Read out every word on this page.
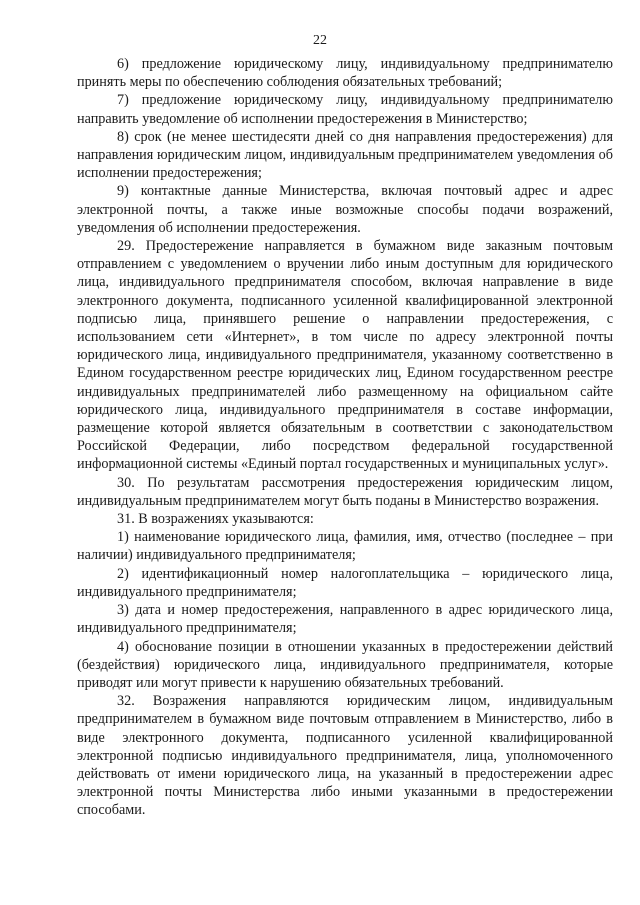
22

6) предложение юридическому лицу, индивидуальному предпринимателю принять меры по обеспечению соблюдения обязательных требований;

7) предложение юридическому лицу, индивидуальному предпринимателю направить уведомление об исполнении предостережения в Министерство;

8) срок (не менее шестидесяти дней со дня направления предостережения) для направления юридическим лицом, индивидуальным предпринимателем уведомления об исполнении предостережения;

9) контактные данные Министерства, включая почтовый адрес и адрес электронной почты, а также иные возможные способы подачи возражений, уведомления об исполнении предостережения.

29. Предостережение направляется в бумажном виде заказным почтовым отправлением с уведомлением о вручении либо иным доступным для юридического лица, индивидуального предпринимателя способом, включая направление в виде электронного документа, подписанного усиленной квалифицированной электронной подписью лица, принявшего решение о направлении предостережения, с использованием сети «Интернет», в том числе по адресу электронной почты юридического лица, индивидуального предпринимателя, указанному соответственно в Едином государственном реестре юридических лиц, Едином государственном реестре индивидуальных предпринимателей либо размещенному на официальном сайте юридического лица, индивидуального предпринимателя в составе информации, размещение которой является обязательным в соответствии с законодательством Российской Федерации, либо посредством федеральной государственной информационной системы «Единый портал государственных и муниципальных услуг».

30. По результатам рассмотрения предостережения юридическим лицом, индивидуальным предпринимателем могут быть поданы в Министерство возражения.

31. В возражениях указываются:

1) наименование юридического лица, фамилия, имя, отчество (последнее – при наличии) индивидуального предпринимателя;

2) идентификационный номер налогоплательщика – юридического лица, индивидуального предпринимателя;

3) дата и номер предостережения, направленного в адрес юридического лица, индивидуального предпринимателя;

4) обоснование позиции в отношении указанных в предостережении действий (бездействия) юридического лица, индивидуального предпринимателя, которые приводят или могут привести к нарушению обязательных требований.

32. Возражения направляются юридическим лицом, индивидуальным предпринимателем в бумажном виде почтовым отправлением в Министерство, либо в виде электронного документа, подписанного усиленной квалифицированной электронной подписью индивидуального предпринимателя, лица, уполномоченного действовать от имени юридического лица, на указанный в предостережении адрес электронной почты Министерства либо иными указанными в предостережении способами.
